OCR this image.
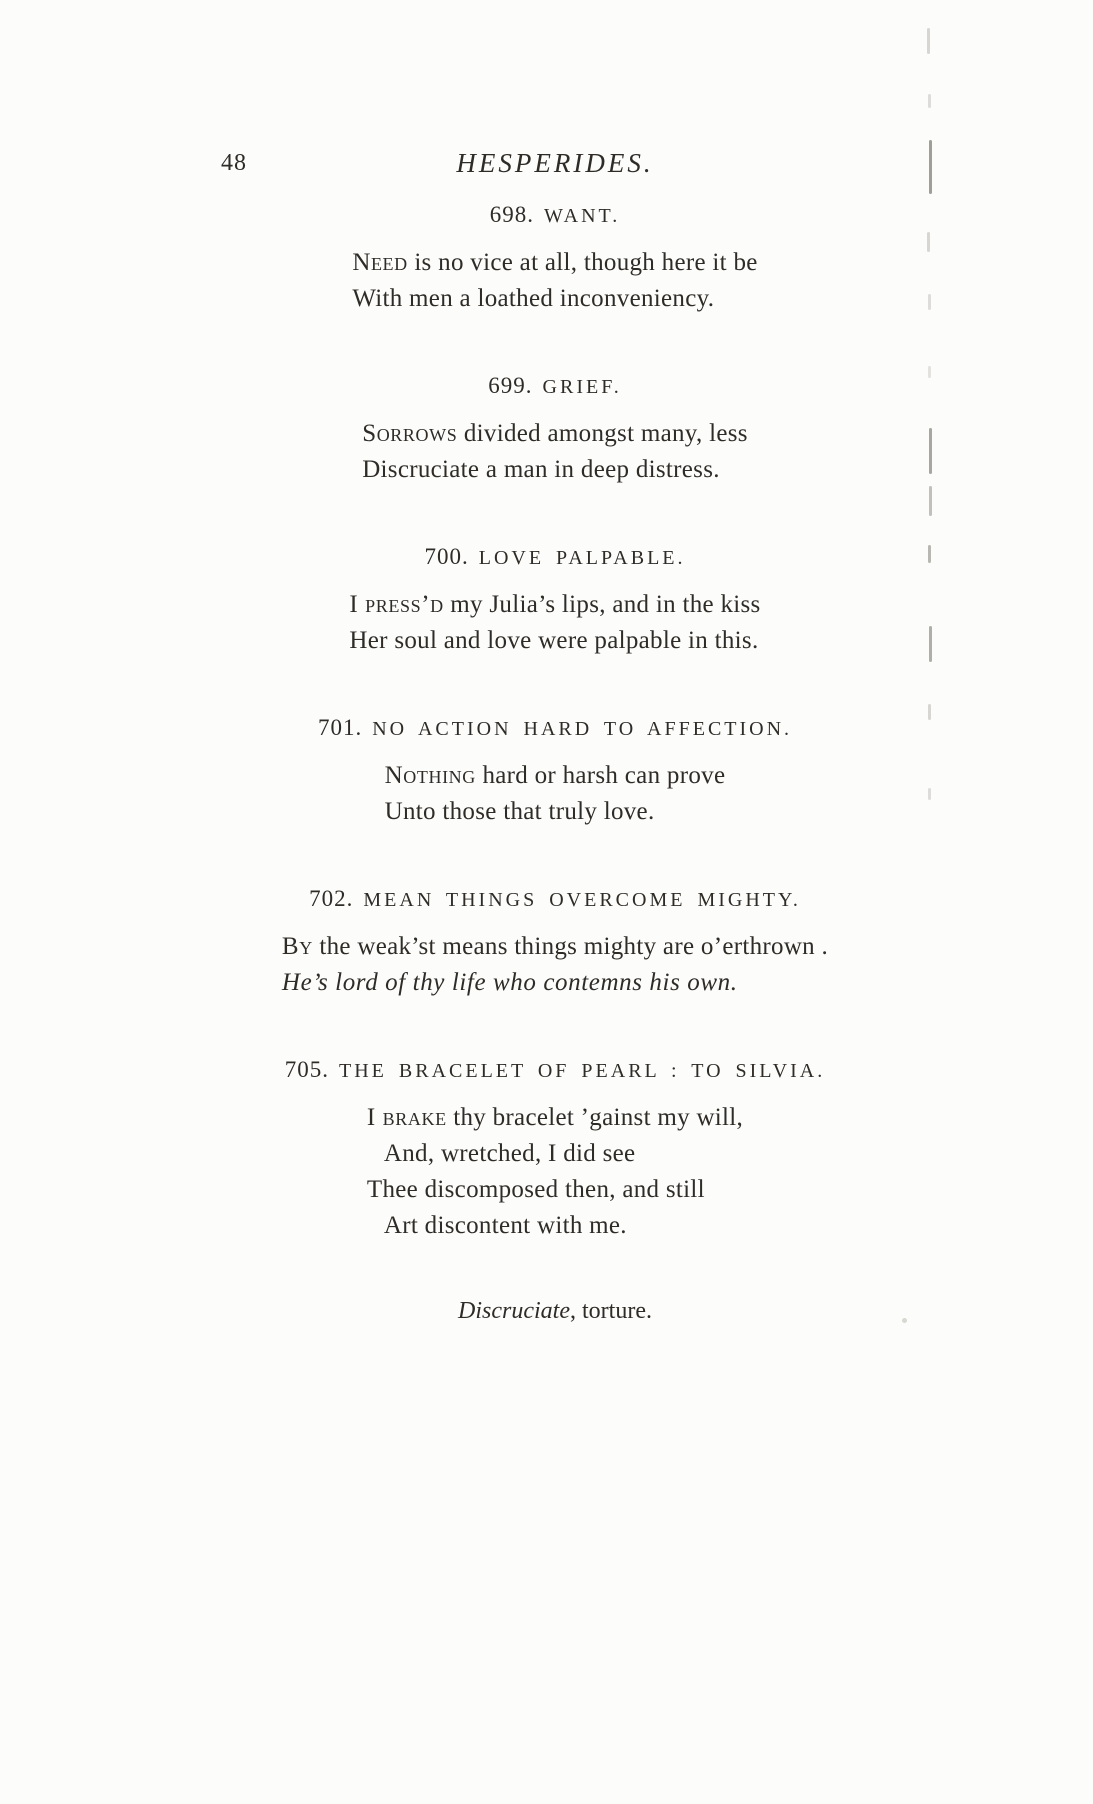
48	HESPERIDES.
698. WANT.
Need is no vice at all, though here it be
With men a loathed inconveniency.
699. GRIEF.
Sorrows divided amongst many, less
Discruciate a man in deep distress.
700. LOVE PALPABLE.
I press’d my Julia’s lips, and in the kiss
Her soul and love were palpable in this.
701. NO ACTION HARD TO AFFECTION.
Nothing hard or harsh can prove
Unto those that truly love.
702. MEAN THINGS OVERCOME MIGHTY.
By the weak’st means things mighty are o’erthrown .
He’s lord of thy life who contemns his own.
705. THE BRACELET OF PEARL : TO SILVIA.
I brake thy bracelet ’gainst my will,
And, wretched, I did see
Thee discomposed then, and still
Art discontent with me.
Discruciate, torture.
